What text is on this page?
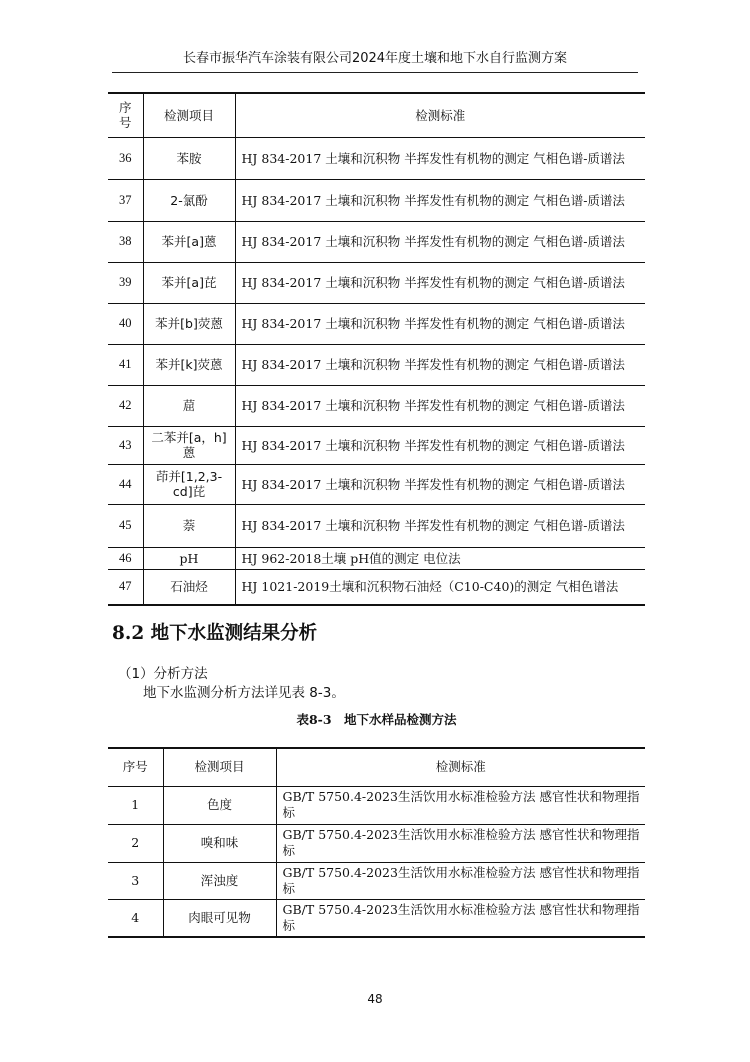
长春市振华汽车涂装有限公司2024年度土壤和地下水自行监测方案
序号	检测项目	检测标准
36	苯胺	HJ 834-2017 土壤和沉积物 半挥发性有机物的测定 气相色谱-质谱法
37	2-氯酚	HJ 834-2017 土壤和沉积物 半挥发性有机物的测定 气相色谱-质谱法
38	苯并[a]蒽	HJ 834-2017 土壤和沉积物 半挥发性有机物的测定 气相色谱-质谱法
39	苯并[a]芘	HJ 834-2017 土壤和沉积物 半挥发性有机物的测定 气相色谱-质谱法
40	苯并[b]荧蒽	HJ 834-2017 土壤和沉积物 半挥发性有机物的测定 气相色谱-质谱法
41	苯并[k]荧蒽	HJ 834-2017 土壤和沉积物 半挥发性有机物的测定 气相色谱-质谱法
42	䓛	HJ 834-2017 土壤和沉积物 半挥发性有机物的测定 气相色谱-质谱法
43	二苯并[a，h]蒽	HJ 834-2017 土壤和沉积物 半挥发性有机物的测定 气相色谱-质谱法
44	茚并[1,2,3-cd]芘	HJ 834-2017 土壤和沉积物 半挥发性有机物的测定 气相色谱-质谱法
45	萘	HJ 834-2017 土壤和沉积物 半挥发性有机物的测定 气相色谱-质谱法
46	pH	HJ 962-2018土壤 pH值的测定 电位法
47	石油烃	HJ 1021-2019土壤和沉积物石油烃（C10-C40)的测定 气相色谱法
8.2 地下水监测结果分析
（1）分析方法
地下水监测分析方法详见表 8-3。
表8-3　地下水样品检测方法
序号	检测项目	检测标准
1	色度	GB/T 5750.4-2023生活饮用水标准检验方法 感官性状和物理指标
2	嗅和味	GB/T 5750.4-2023生活饮用水标准检验方法 感官性状和物理指标
3	浑浊度	GB/T 5750.4-2023生活饮用水标准检验方法 感官性状和物理指标
4	肉眼可见物	GB/T 5750.4-2023生活饮用水标准检验方法 感官性状和物理指标
48
